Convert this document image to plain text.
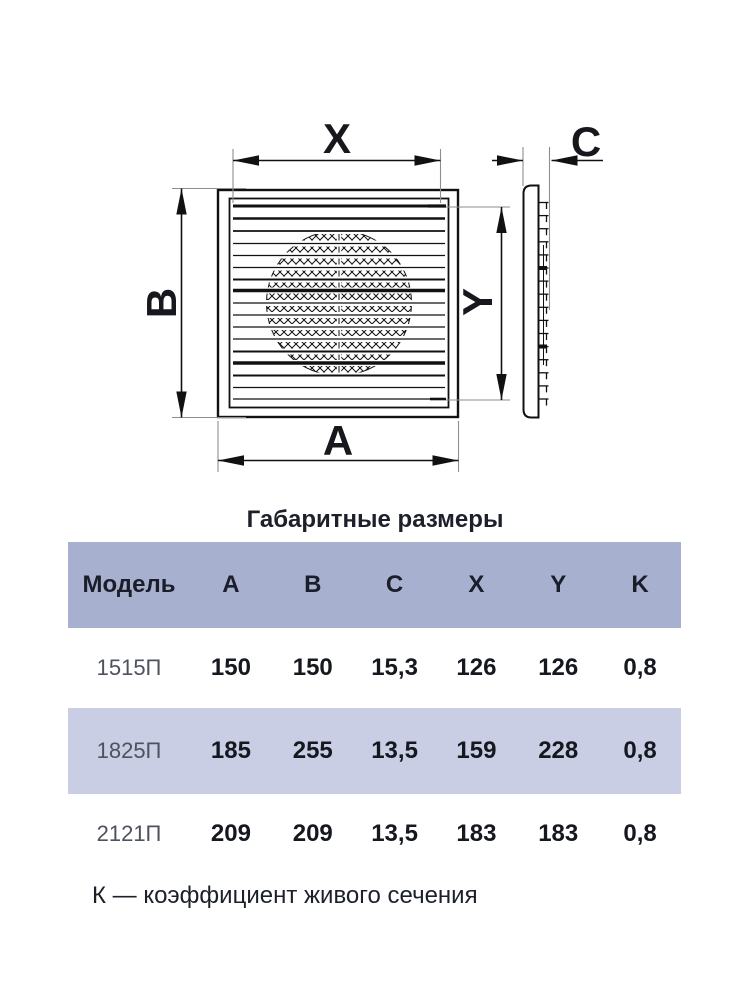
X	C
B	Y
A
Габаритные размеры
Модель	A	B	C	X	Y	K
1515П	150	150	15,3	126	126	0,8
1825П	185	255	13,5	159	228	0,8
2121П	209	209	13,5	183	183	0,8
К — коэффициент живого сечения
